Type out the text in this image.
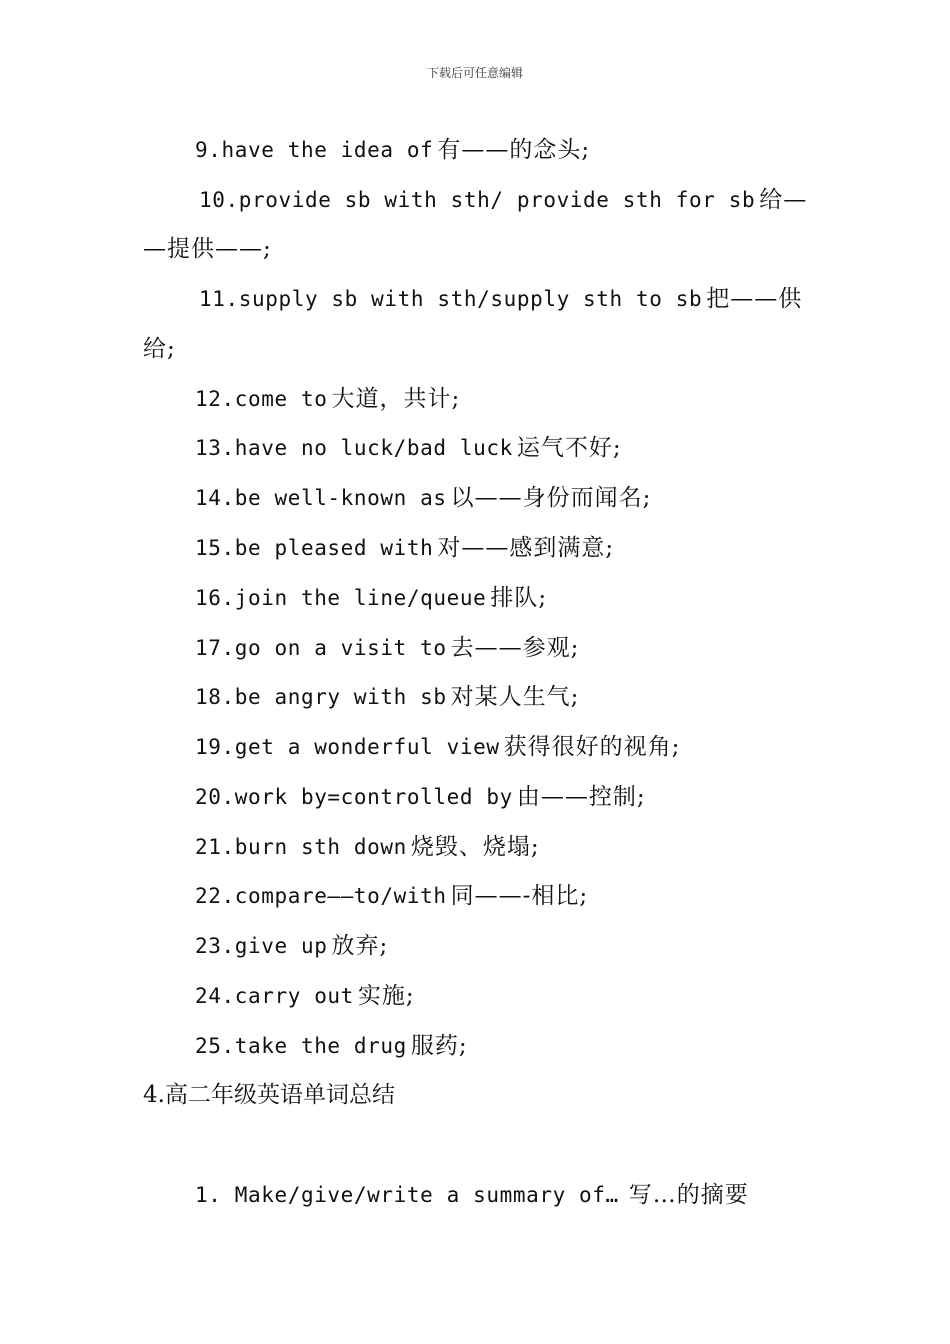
下载后可任意编辑
9.have the idea of 有——的念头;
10.provide sb with sth/ provide sth for sb 给—
—提供——;
11.supply sb with sth/supply sth to sb 把——供
给;
12.come to 大道，共计;
13.have no luck/bad luck 运气不好;
14.be well-known as 以——身份而闻名;
15.be pleased with 对——感到满意;
16.join the line/queue 排队;
17.go on a visit to 去——参观;
18.be angry with sb 对某人生气;
19.get a wonderful view 获得很好的视角;
20.work by=controlled by 由——控制;
21.burn sth down 烧毁、烧塌;
22.compare——to/with 同——-相比;
23.give up 放弃;
24.carry out 实施;
25.take the drug 服药;
4.高二年级英语单词总结
1. Make/give/write a summary of… 写…的摘要
